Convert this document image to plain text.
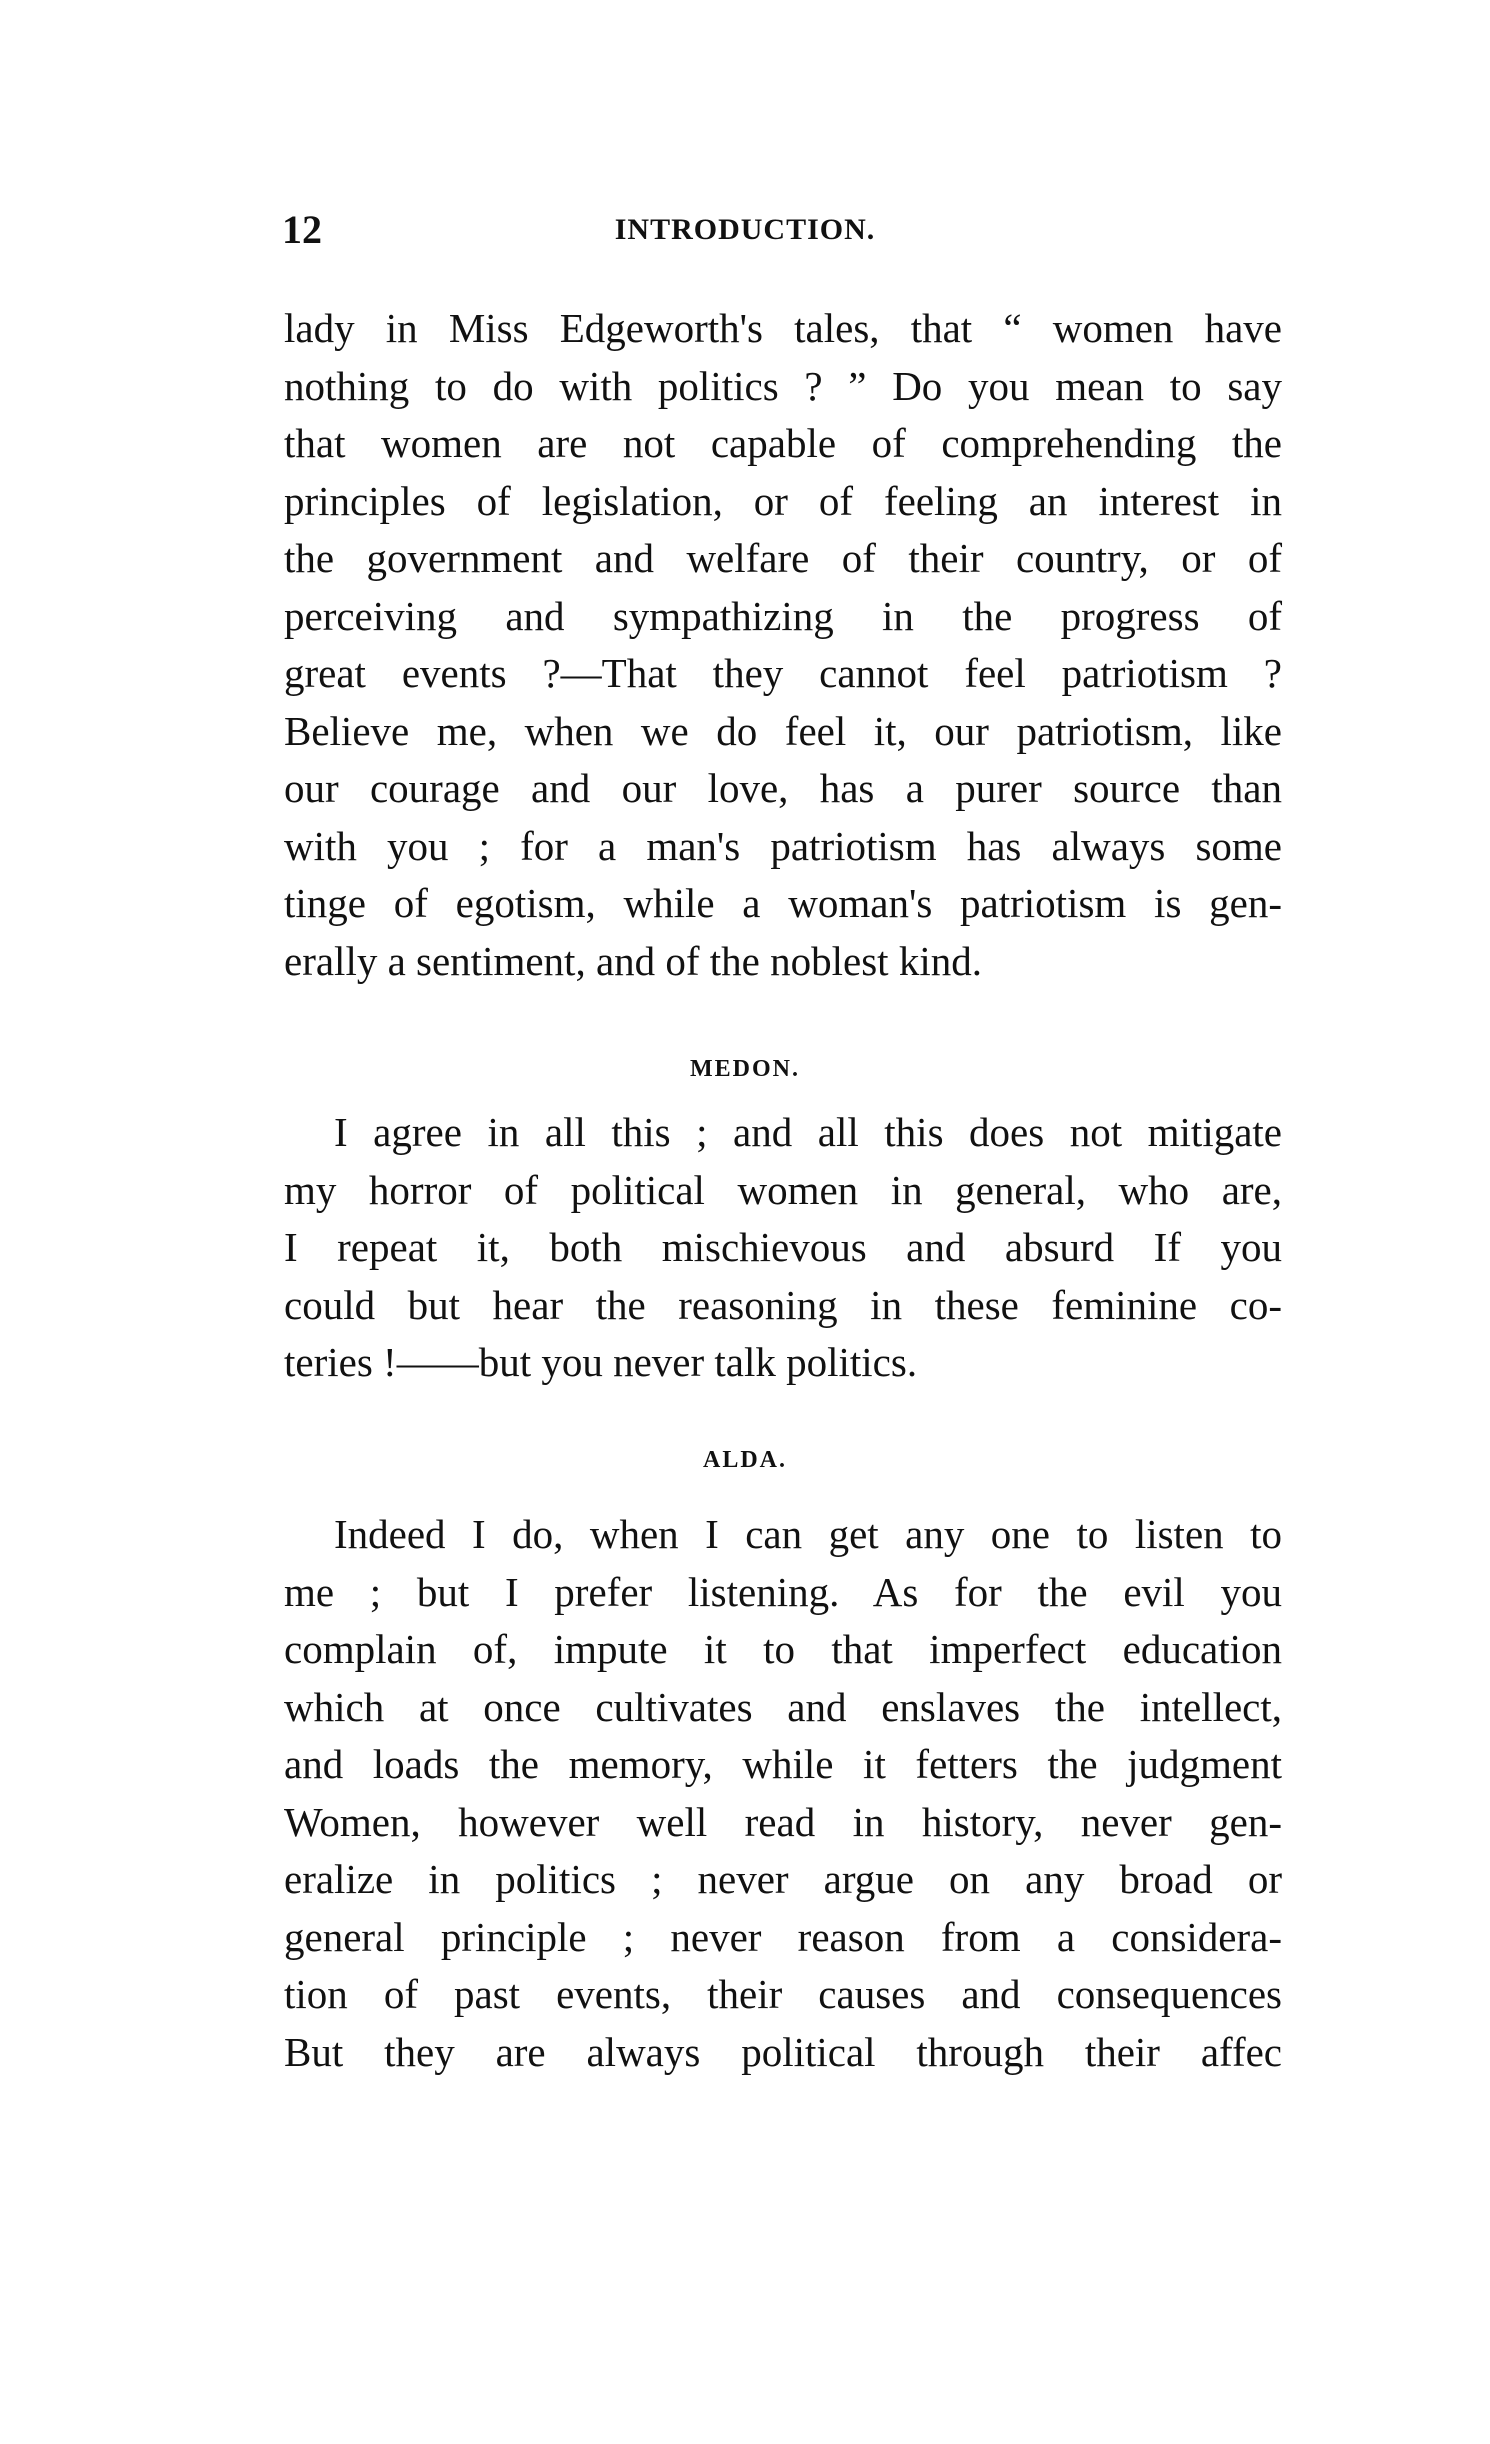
12	INTRODUCTION.
lady in Miss Edgeworth's tales, that “ women have
nothing to do with politics ? ” Do you mean to say
that women are not capable of comprehending the
principles of legislation, or of feeling an interest in
the government and welfare of their country, or of
perceiving and sympathizing in the progress of
great events ?—That they cannot feel patriotism ?
Believe me, when we do feel it, our patriotism, like
our courage and our love, has a purer source than
with you ; for a man's patriotism has always some
tinge of egotism, while a woman's patriotism is gen-
erally a sentiment, and of the noblest kind.
MEDON.
I agree in all this ; and all this does not mitigate
my horror of political women in general, who are,
I repeat it, both mischievous and absurd If you
could but hear the reasoning in these feminine co-
teries !——but you never talk politics.
ALDA.
Indeed I do, when I can get any one to listen to
me ; but I prefer listening. As for the evil you
complain of, impute it to that imperfect education
which at once cultivates and enslaves the intellect,
and loads the memory, while it fetters the judgment
Women, however well read in history, never gen-
eralize in politics ; never argue on any broad or
general principle ; never reason from a considera-
tion of past events, their causes and consequences
But they are always political through their affec
